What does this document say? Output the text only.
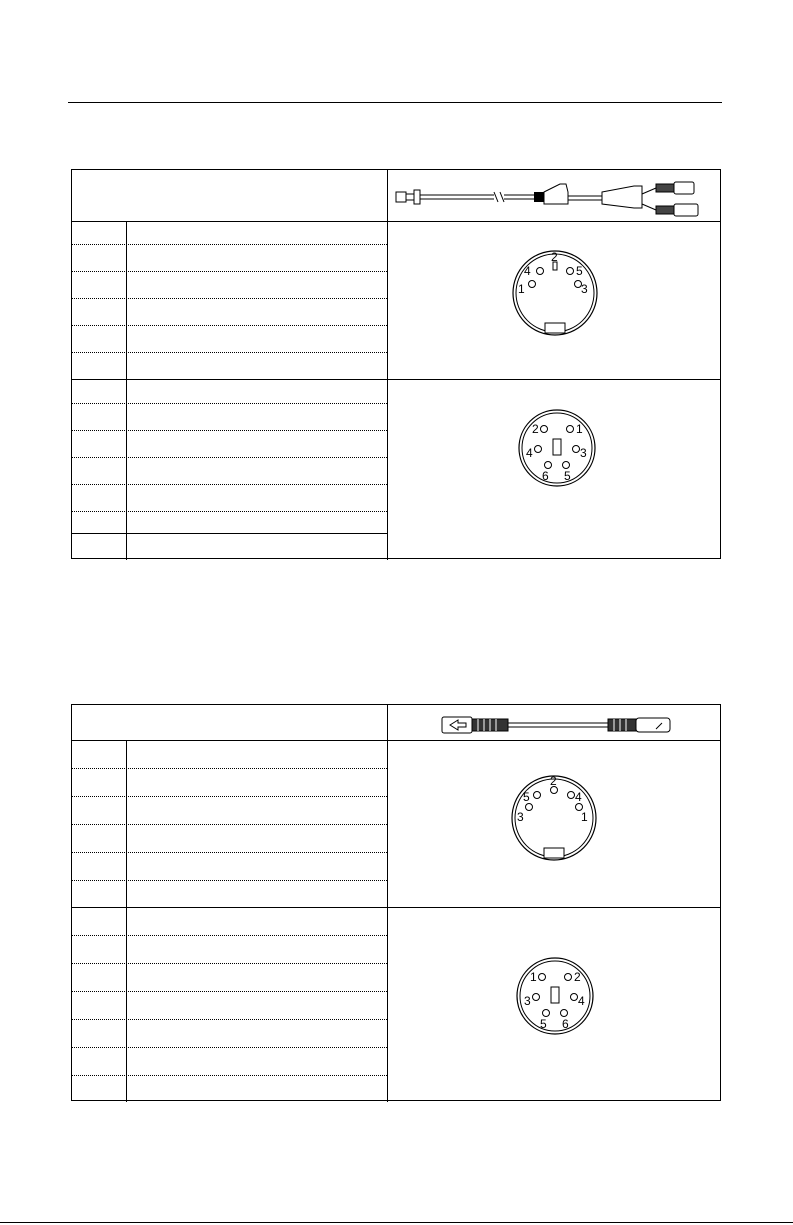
2
4
1
5
3
2	1
4	3
6 5
2
5	4
3	1
1	2
3	4
5 6
